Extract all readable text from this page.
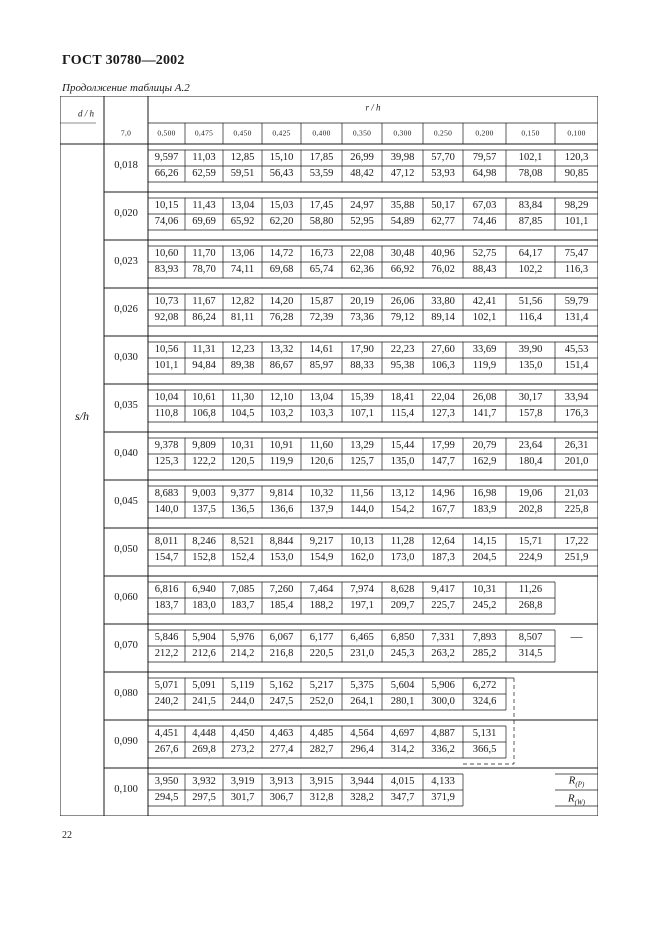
ГОСТ 30780—2002
Продолжение таблицы А.2
0,018
9,597 11,03 12,85 15,10 17,85 26,99 39,98 57,70 79,57 102,1 120,3
66,26 62,59 59,51 56,43 53,59 48,42 47,12 53,93 64,98 78,08 90,85
0,020
10,15 11,43 13,04 15,03 17,45 24,97 35,88 50,17 67,03 83,84 98,29
74,06 69,69 65,92 62,20 58,80 52,95 54,89 62,77 74,46 87,85 101,1
0,023
10,60 11,70 13,06 14,72 16,73 22,08 30,48 40,96 52,75 64,17 75,47
83,93 78,70 74,11 69,68 65,74 62,36 66,92 76,02 88,43 102,2 116,3
0,026
10,73 11,67 12,82 14,20 15,87 20,19 26,06 33,80 42,41 51,56 59,79
92,08 86,24 81,11 76,28 72,39 73,36 79,12 89,14 102,1 116,4 131,4
0,030
10,56 11,31 12,23 13,32 14,61 17,90 22,23 27,60 33,69 39,90 45,53
101,1 94,84 89,38 86,67 85,97 88,33 95,38 106,3 119,9 135,0 151,4
0,035
10,04 10,61 11,30 12,10 13,04 15,39 18,41 22,04 26,08 30,17 33,94
110,8 106,8 104,5 103,2 103,3 107,1 115,4 127,3 141,7 157,8 176,3
0,040
9,378 9,809 10,31 10,91 11,60 13,29 15,44 17,99 20,79 23,64 26,31
125,3 122,2 120,5 119,9 120,6 125,7 135,0 147,7 162,9 180,4 201,0
0,045
8,683 9,003 9,377 9,814 10,32 11,56 13,12 14,96 16,98 19,06 21,03
140,0 137,5 136,5 136,6 137,9 144,0 154,2 167,7 183,9 202,8 225,8
0,050
8,011 8,246 8,521 8,844 9,217 10,13 11,28 12,64 14,15 15,71 17,22
154,7 152,8 152,4 153,0 154,9 162,0 173,0 187,3 204,5 224,9 251,9
0,060
6,816 6,940 7,085 7,260 7,464 7,974 8,628 9,417 10,31 11,26
183,7 183,0 183,7 185,4 188,2 197,1 209,7 225,7 245,2 268,8
0,070
5,846 5,904 5,976 6,067 6,177 6,465 6,850 7,331 7,893 8,507
212,2 212,6 214,2 216,8 220,5 231,0 245,3 263,2 285,2 314,5
0,080
5,071 5,091 5,119 5,162 5,217 5,375 5,604 5,906 6,272
240,2 241,5 244,0 247,5 252,0 264,1 280,1 300,0 324,6
0,090
4,451 4,448 4,450 4,463 4,485 4,564 4,697 4,887 5,131
267,6 269,8 273,2 277,4 282,7 296,4 314,2 336,2 366,5
0,100
3,950 3,932 3,919 3,913 3,915 3,944 4,015 4,133
294,5 297,5 301,7 306,7 312,8 328,2 347,7 371,9
d / h
r / h
7,0	0,500	0,475	0,450	0,425	0,400	0,350	0,300	0,250	0,200	0,150	0,100
s/h
—
$R_{(P)}$
$R_{(W)}$
22
